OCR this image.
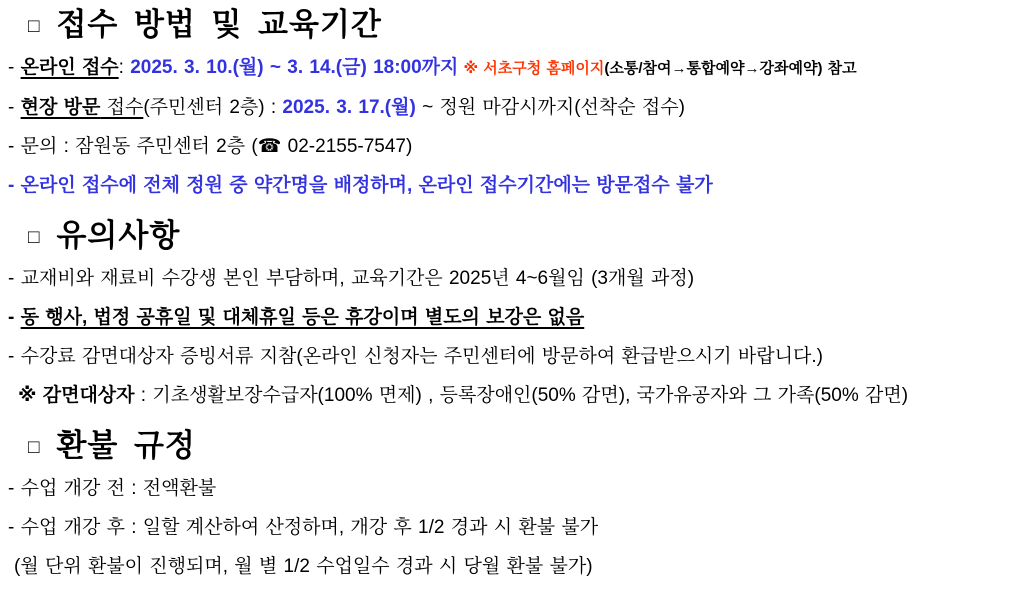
□ 접수 방법 및 교육기간

- 온라인 접수: 2025. 3. 10.(월) ~ 3. 14.(금) 18:00까지 ※ 서초구청 홈페이지(소통/참여→통합예약→강좌예약) 참고

- 현장 방문 접수(주민센터 2층) : 2025. 3. 17.(월) ~ 정원 마감시까지(선착순 접수)

- 문의 : 잠원동 주민센터 2층 (☎ 02-2155-7547)

- 온라인 접수에 전체 정원 중 약간명을 배정하며, 온라인 접수기간에는 방문접수 불가

□ 유의사항

- 교재비와 재료비 수강생 본인 부담하며, 교육기간은 2025년 4~6월임 (3개월 과정)

- 동 행사, 법정 공휴일 및 대체휴일 등은 휴강이며 별도의 보강은 없음

- 수강료 감면대상자 증빙서류 지참(온라인 신청자는 주민센터에 방문하여 환급받으시기 바랍니다.)

※ 감면대상자 : 기초생활보장수급자(100% 면제) , 등록장애인(50% 감면), 국가유공자와 그 가족(50% 감면)

□ 환불 규정

- 수업 개강 전 : 전액환불

- 수업 개강 후 : 일할 계산하여 산정하며, 개강 후 1/2 경과 시 환불 불가

(월 단위 환불이 진행되며, 월 별 1/2 수업일수 경과 시 당월 환불 불가)
